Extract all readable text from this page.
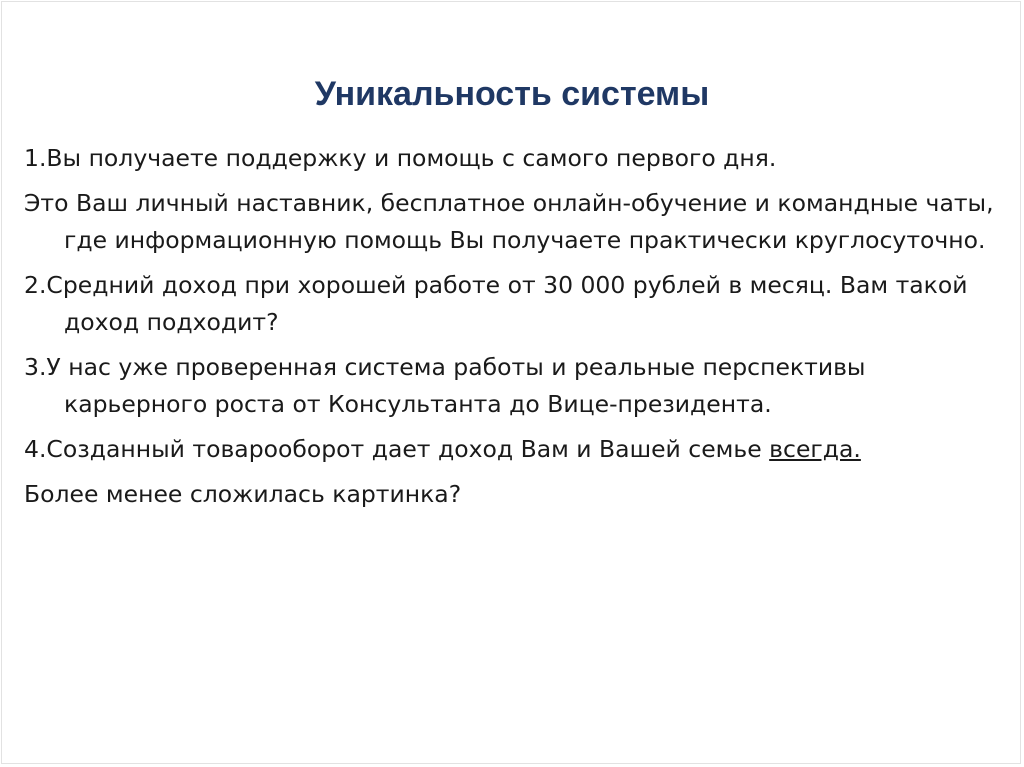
Уникальность системы

1.Вы получаете поддержку и помощь с самого первого дня.

Это Ваш личный наставник, бесплатное онлайн-обучение и командные чаты, где информационную помощь Вы получаете практически круглосуточно.

2.Средний доход при хорошей работе от 30 000 рублей в месяц. Вам такой доход подходит?

3.У нас уже проверенная система работы и реальные перспективы карьерного роста от Консультанта до Вице-президента.

4.Созданный товарооборот дает доход Вам и Вашей семье всегда.

Более менее сложилась картинка?
